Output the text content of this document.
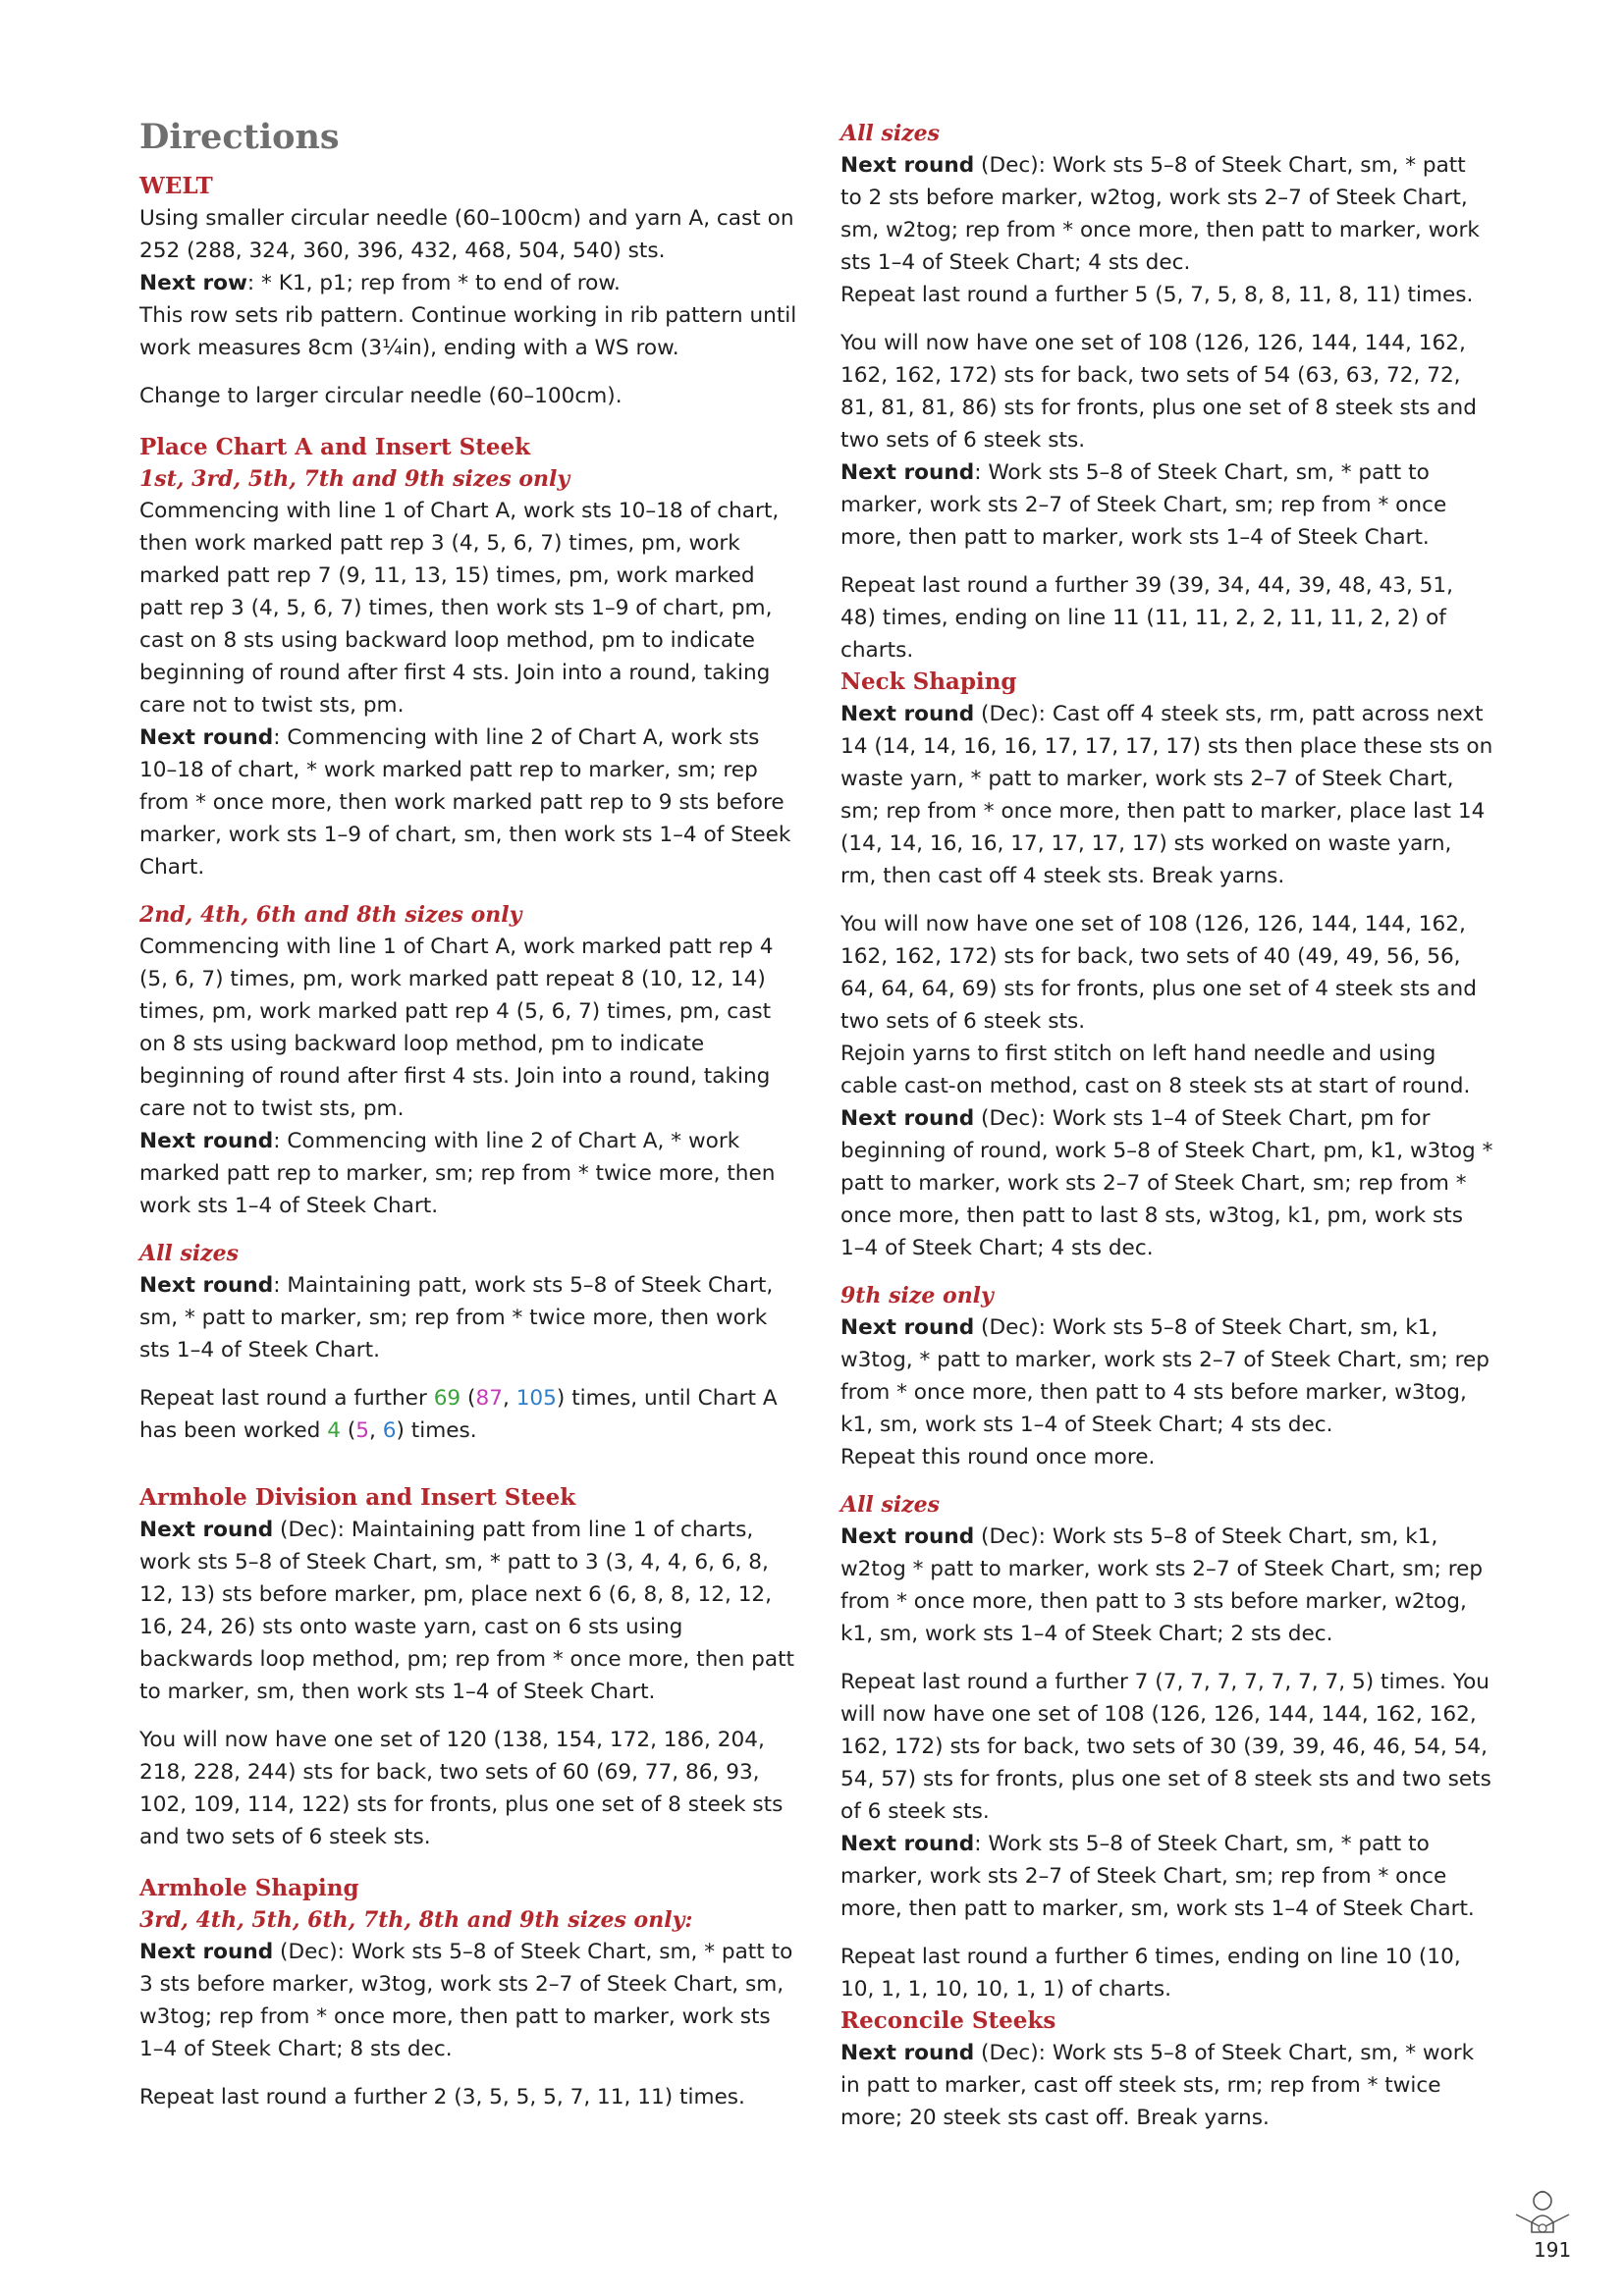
Directions
WELT

Using smaller circular needle (60–100cm) and yarn A, cast on 252 (288, 324, 360, 396, 432, 468, 504, 540) sts.

Next row: * K1, p1; rep from * to end of row.
This row sets rib pattern. Continue working in rib pattern until work measures 8cm (3¼in), ending with a WS row.

Change to larger circular needle (60–100cm).

Place Chart A and Insert Steek
1st, 3rd, 5th, 7th and 9th sizes only

Commencing with line 1 of Chart A, work sts 10–18 of chart, then work marked patt rep 3 (4, 5, 6, 7) times, pm, work marked patt rep 7 (9, 11, 13, 15) times, pm, work marked patt rep 3 (4, 5, 6, 7) times, then work sts 1–9 of chart, pm, cast on 8 sts using backward loop method, pm to indicate beginning of round after first 4 sts. Join into a round, taking care not to twist sts, pm.

Next round: Commencing with line 2 of Chart A, work sts 10–18 of chart, * work marked patt rep to marker, sm; rep from * once more, then work marked patt rep to 9 sts before marker, work sts 1–9 of chart, sm, then work sts 1–4 of Steek Chart.
2nd, 4th, 6th and 8th sizes only

Commencing with line 1 of Chart A, work marked patt rep 4 (5, 6, 7) times, pm, work marked patt repeat 8 (10, 12, 14) times, pm, work marked patt rep 4 (5, 6, 7) times, pm, cast on 8 sts using backward loop method, pm to indicate beginning of round after first 4 sts. Join into a round, taking care not to twist sts, pm.

Next round: Commencing with line 2 of Chart A, * work marked patt rep to marker, sm; rep from * twice more, then work sts 1–4 of Steek Chart.
All sizes
Next round: Maintaining patt, work sts 5–8 of Steek Chart, sm, * patt to marker, sm; rep from * twice more, then work sts 1–4 of Steek Chart.
Repeat last round a further 69 (87, 105) times, until Chart A has been worked 4 (5, 6) times.
Armhole Division and Insert Steek
Next round (Dec): Maintaining patt from line 1 of charts, work sts 5–8 of Steek Chart, sm, * patt to 3 (3, 4, 4, 6, 6, 8, 12, 13) sts before marker, pm, place next 6 (6, 8, 8, 12, 12, 16, 24, 26) sts onto waste yarn, cast on 6 sts using backwards loop method, pm; rep from * once more, then patt to marker, sm, then work sts 1–4 of Steek Chart.

You will now have one set of 120 (138, 154, 172, 186, 204, 218, 228, 244) sts for back, two sets of 60 (69, 77, 86, 93, 102, 109, 114, 122) sts for fronts, plus one set of 8 steek sts and two sets of 6 steek sts.

Armhole Shaping
3rd, 4th, 5th, 6th, 7th, 8th and 9th sizes only:
Next round (Dec): Work sts 5–8 of Steek Chart, sm, * patt to 3 sts before marker, w3tog, work sts 2–7 of Steek Chart, sm, w3tog; rep from * once more, then patt to marker, work sts 1–4 of Steek Chart; 8 sts dec.

Repeat last round a further 2 (3, 5, 5, 5, 7, 11, 11) times.

All sizes
Next round (Dec): Work sts 5–8 of Steek Chart, sm, * patt to 2 sts before marker, w2tog, work sts 2–7 of Steek Chart, sm, w2tog; rep from * once more, then patt to marker, work sts 1–4 of Steek Chart; 4 sts dec.
Repeat last round a further 5 (5, 7, 5, 8, 8, 11, 8, 11) times.

You will now have one set of 108 (126, 126, 144, 144, 162, 162, 162, 172) sts for back, two sets of 54 (63, 63, 72, 72, 81, 81, 81, 86) sts for fronts, plus one set of 8 steek sts and two sets of 6 steek sts.

Next round: Work sts 5–8 of Steek Chart, sm, * patt to marker, work sts 2–7 of Steek Chart, sm; rep from * once more, then patt to marker, work sts 1–4 of Steek Chart.

Repeat last round a further 39 (39, 34, 44, 39, 48, 43, 51, 48) times, ending on line 11 (11, 11, 2, 2, 11, 11, 2, 2) of charts.

Neck Shaping
Next round (Dec): Cast off 4 steek sts, rm, patt across next 14 (14, 14, 16, 16, 17, 17, 17, 17) sts then place these sts on waste yarn, * patt to marker, work sts 2–7 of Steek Chart, sm; rep from * once more, then patt to marker, place last 14 (14, 14, 16, 16, 17, 17, 17, 17) sts worked on waste yarn, rm, then cast off 4 steek sts. Break yarns.

You will now have one set of 108 (126, 126, 144, 144, 162, 162, 162, 172) sts for back, two sets of 40 (49, 49, 56, 56, 64, 64, 64, 69) sts for fronts, plus one set of 4 steek sts and two sets of 6 steek sts.

Rejoin yarns to first stitch on left hand needle and using cable cast-on method, cast on 8 steek sts at start of round.

Next round (Dec): Work sts 1–4 of Steek Chart, pm for beginning of round, work 5–8 of Steek Chart, pm, k1, w3tog * patt to marker, work sts 2–7 of Steek Chart, sm; rep from * once more, then patt to last 8 sts, w3tog, k1, pm, work sts 1–4 of Steek Chart; 4 sts dec.
9th size only
Next round (Dec): Work sts 5–8 of Steek Chart, sm, k1, w3tog, * patt to marker, work sts 2–7 of Steek Chart, sm; rep from * once more, then patt to 4 sts before marker, w3tog, k1, sm, work sts 1–4 of Steek Chart; 4 sts dec.
Repeat this round once more.
All sizes
Next round (Dec): Work sts 5–8 of Steek Chart, sm, k1, w2tog * patt to marker, work sts 2–7 of Steek Chart, sm; rep from * once more, then patt to 3 sts before marker, w2tog, k1, sm, work sts 1–4 of Steek Chart; 2 sts dec.

Repeat last round a further 7 (7, 7, 7, 7, 7, 7, 7, 5) times. You will now have one set of 108 (126, 126, 144, 144, 162, 162, 162, 172) sts for back, two sets of 30 (39, 39, 46, 46, 54, 54, 54, 57) sts for fronts, plus one set of 8 steek sts and two sets of 6 steek sts.

Next round: Work sts 5–8 of Steek Chart, sm, * patt to marker, work sts 2–7 of Steek Chart, sm; rep from * once more, then patt to marker, sm, work sts 1–4 of Steek Chart.

Repeat last round a further 6 times, ending on line 10 (10, 10, 1, 1, 10, 10, 1, 1) of charts.

Reconcile Steeks
Next round (Dec): Work sts 5–8 of Steek Chart, sm, * work in patt to marker, cast off steek sts, rm; rep from * twice more; 20 steek sts cast off. Break yarns.
191
